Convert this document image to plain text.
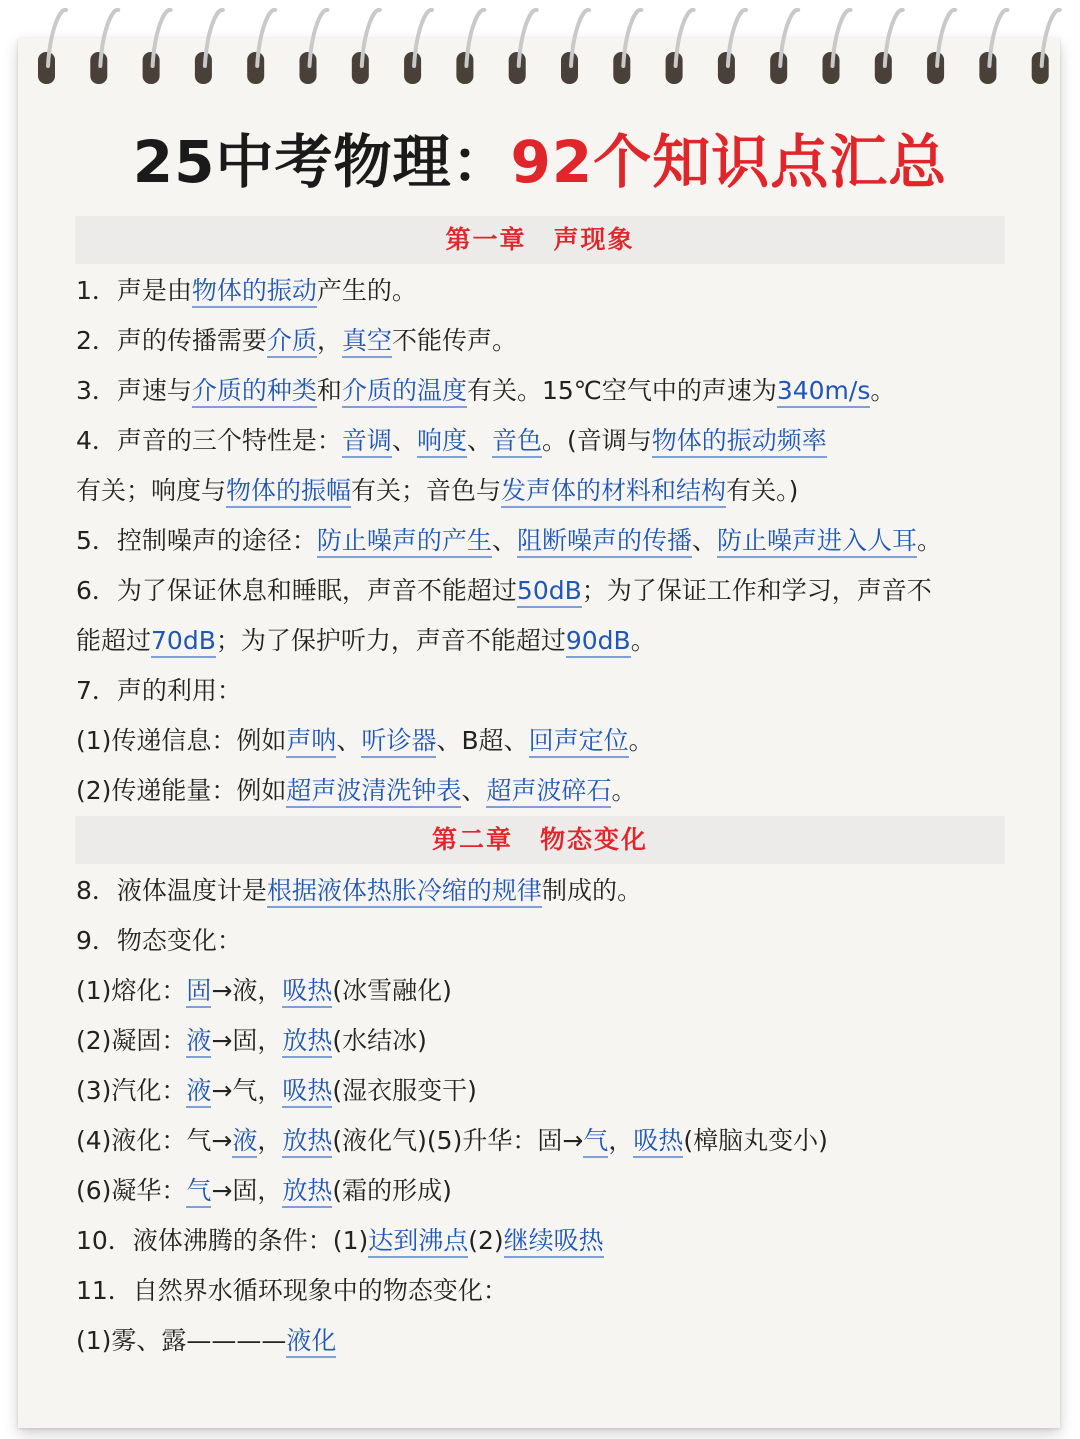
25中考物理：92个知识点汇总
第一章　声现象
第二章　物态变化
1．声是由物体的振动产生的。
2．声的传播需要介质，真空不能传声。
3．声速与介质的种类和介质的温度有关。15℃空气中的声速为340m/s。
4．声音的三个特性是：音调、响度、音色。(音调与物体的振动频率
有关；响度与物体的振幅有关；音色与发声体的材料和结构有关。)
5．控制噪声的途径：防止噪声的产生、阻断噪声的传播、防止噪声进入人耳。
6．为了保证休息和睡眠，声音不能超过50dB；为了保证工作和学习，声音不
能超过70dB；为了保护听力，声音不能超过90dB。
7．声的利用：
(1)传递信息：例如声呐、听诊器、B超、回声定位。
(2)传递能量：例如超声波清洗钟表、超声波碎石。
8．液体温度计是根据液体热胀冷缩的规律制成的。
9．物态变化：
(1)熔化：固→液，吸热(冰雪融化)
(2)凝固：液→固，放热(水结冰)
(3)汽化：液→气，吸热(湿衣服变干)
(4)液化：气→液，放热(液化气)(5)升华：固→气，吸热(樟脑丸变小)
(6)凝华：气→固，放热(霜的形成)
10．液体沸腾的条件：(1)达到沸点(2)继续吸热
11．自然界水循环现象中的物态变化：
(1)雾、露————液化
